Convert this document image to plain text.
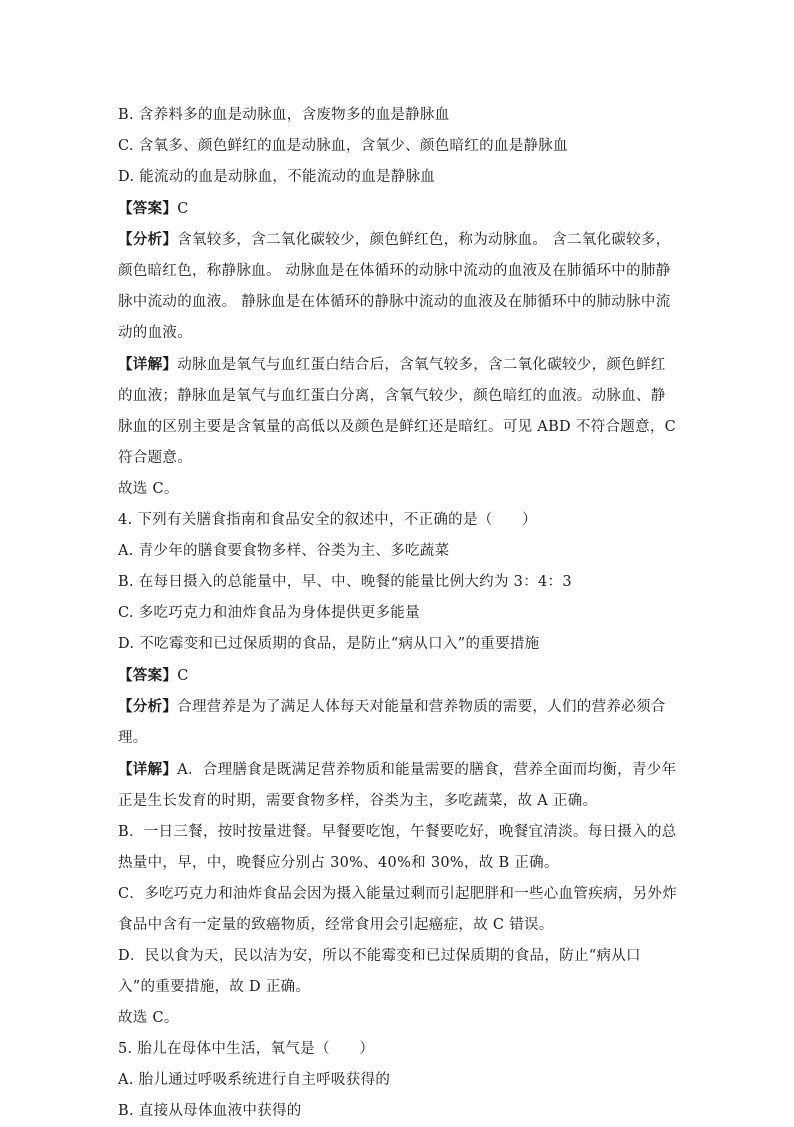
B. 含养料多的血是动脉血，含废物多的血是静脉血
C. 含氧多、颜色鲜红的血是动脉血，含氧少、颜色暗红的血是静脉血
D. 能流动的血是动脉血，不能流动的血是静脉血
【答案】C
【分析】含氧较多，含二氧化碳较少，颜色鲜红色，称为动脉血。 含二氧化碳较多，颜色暗红色，称静脉血。 动脉血是在体循环的动脉中流动的血液及在肺循环中的肺静脉中流动的血液。 静脉血是在体循环的静脉中流动的血液及在肺循环中的肺动脉中流动的血液。
【详解】动脉血是氧气与血红蛋白结合后，含氧气较多，含二氧化碳较少，颜色鲜红的血液；静脉血是氧气与血红蛋白分离，含氧气较少，颜色暗红的血液。动脉血、静脉血的区别主要是含氧量的高低以及颜色是鲜红还是暗红。可见 ABD 不符合题意，C 符合题意。
故选 C。
4. 下列有关膳食指南和食品安全的叙述中，不正确的是（　　）
A. 青少年的膳食要食物多样、谷类为主、多吃蔬菜
B. 在每日摄入的总能量中，早、中、晚餐的能量比例大约为 3：4：3
C. 多吃巧克力和油炸食品为身体提供更多能量
D. 不吃霉变和已过保质期的食品，是防止“病从口入”的重要措施
【答案】C
【分析】合理营养是为了满足人体每天对能量和营养物质的需要，人们的营养必须合理。
【详解】A．合理膳食是既满足营养物质和能量需要的膳食，营养全面而均衡，青少年正是生长发育的时期，需要食物多样，谷类为主，多吃蔬菜，故 A 正确。
B．一日三餐，按时按量进餐。早餐要吃饱，午餐要吃好，晚餐宜清淡。每日摄入的总热量中，早，中，晚餐应分别占 30%、40%和 30%，故 B 正确。
C．多吃巧克力和油炸食品会因为摄入能量过剩而引起肥胖和一些心血管疾病，另外炸食品中含有一定量的致癌物质，经常食用会引起癌症，故 C 错误。
D．民以食为天，民以洁为安，所以不能霉变和已过保质期的食品，防止“病从口入”的重要措施，故 D 正确。
故选 C。
5. 胎儿在母体中生活，氧气是（　　）
A. 胎儿通过呼吸系统进行自主呼吸获得的
B. 直接从母体血液中获得的
